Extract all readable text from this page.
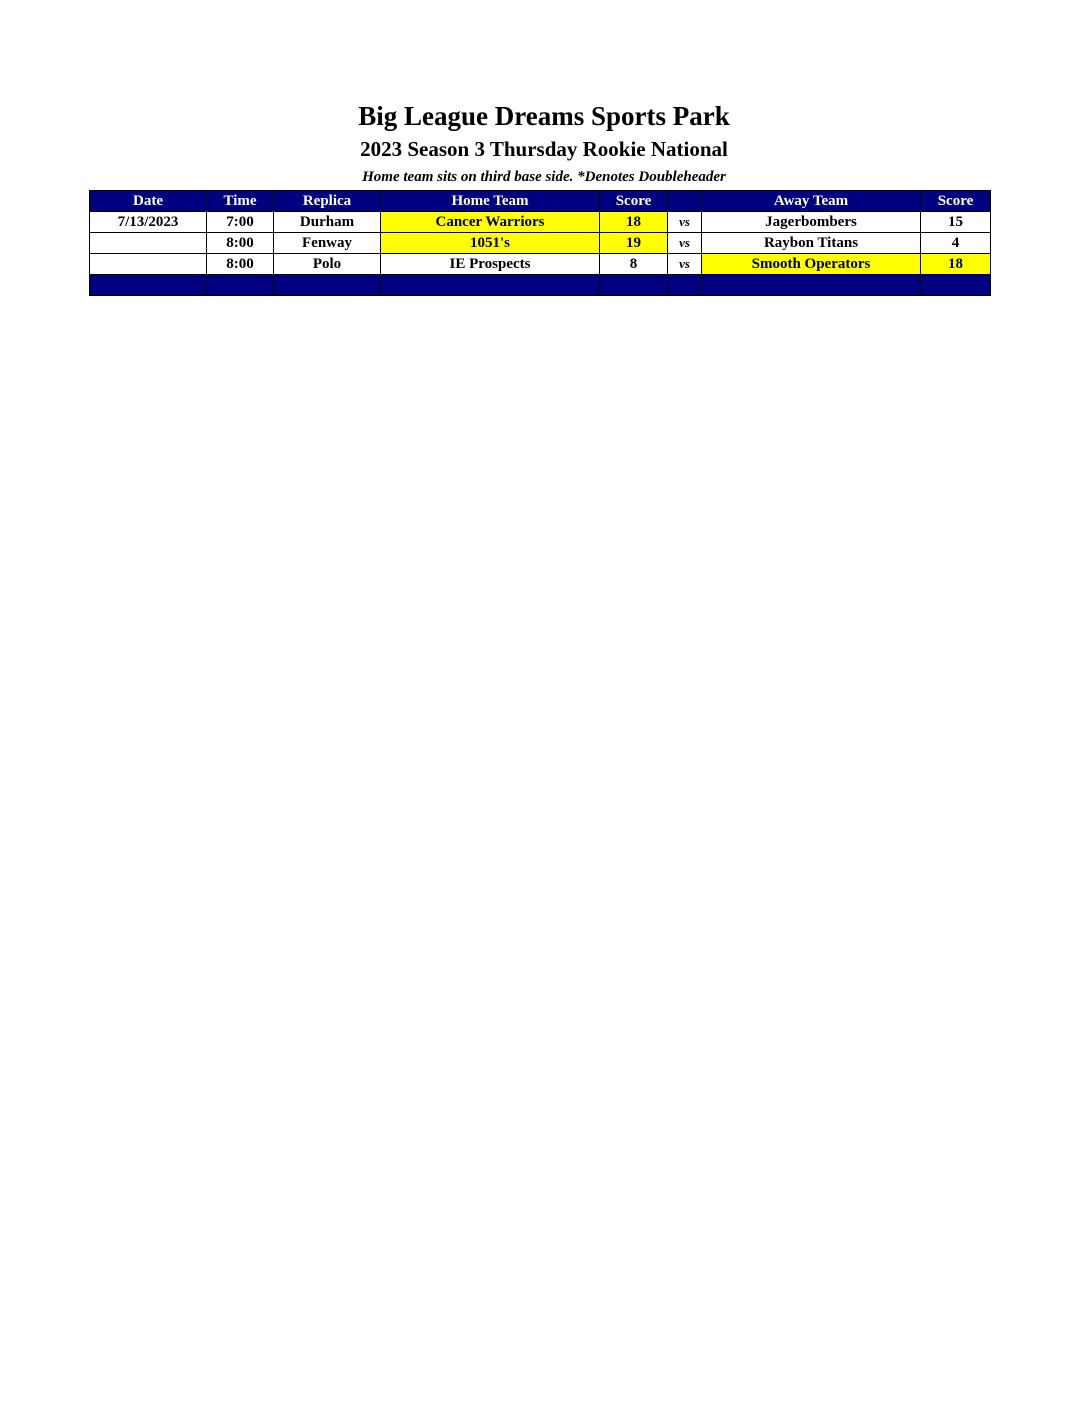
Big League Dreams Sports Park
2023 Season 3 Thursday Rookie National
Home team sits on third base side. *Denotes Doubleheader
Date	Time	Replica	Home Team	Score		Away Team	Score
7/13/2023	7:00	Durham	Cancer Warriors	18	vs	Jagerbombers	15
	8:00	Fenway	1051's	19	vs	Raybon Titans	4
	8:00	Polo	IE Prospects	8	vs	Smooth Operators	18
